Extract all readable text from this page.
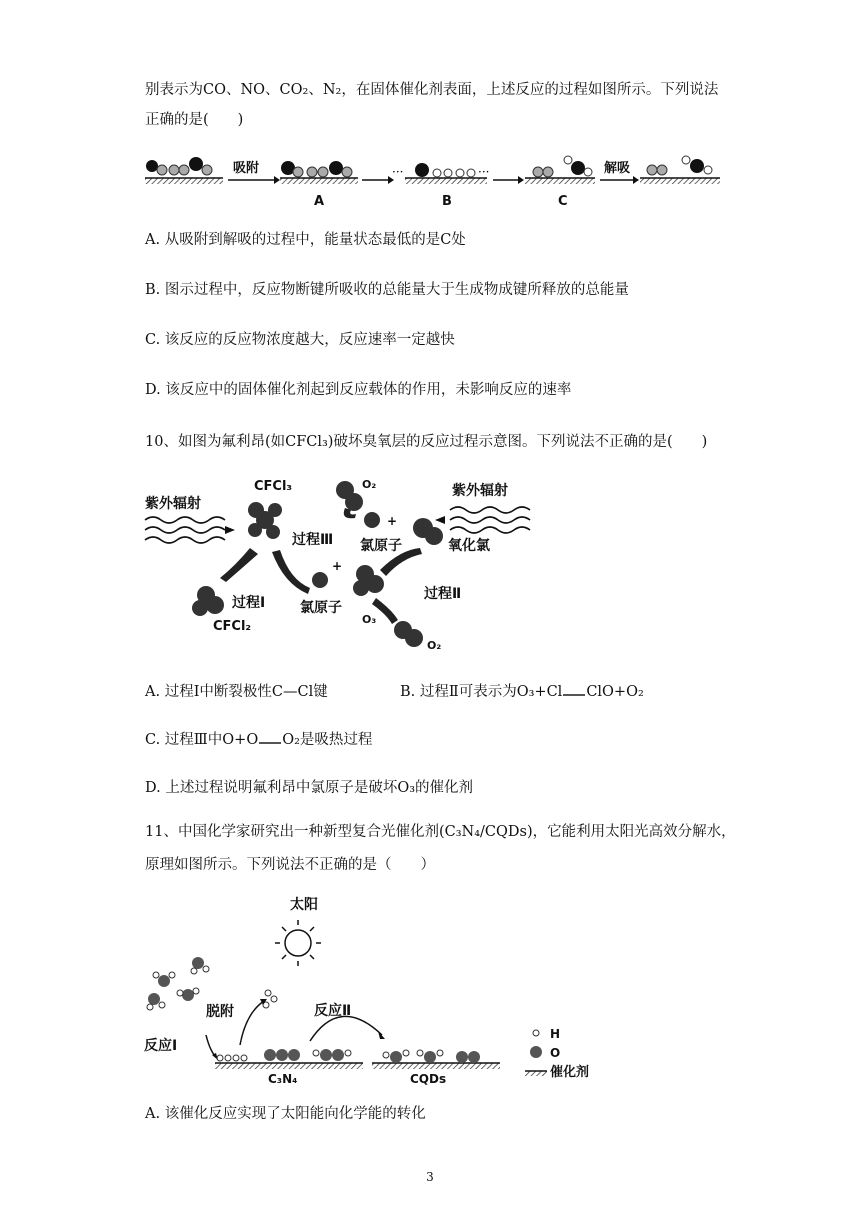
别表示为CO、NO、CO₂、N₂，在固体催化剂表面，上述反应的过程如图所示。下列说法
正确的是(　　)
···	···
吸附	解吸
A	B	C
A. 从吸附到解吸的过程中，能量状态最低的是C处
B. 图示过程中，反应物断键所吸收的总能量大于生成物成键所释放的总能量
C. 该反应的反应物浓度越大，反应速率一定越快
D. 该反应中的固体催化剂起到反应载体的作用，未影响反应的速率
10、如图为氟利昂(如CFCl₃)破坏臭氧层的反应过程示意图。下列说法不正确的是(　　)
紫外辐射
紫外辐射
CFCl₃	O₂
+
过程Ⅲ 氯原子	氧化氯
+
过程Ⅱ
过程Ⅰ 氯原子
O₃
CFCl₂
O₂
A. 过程Ⅰ中断裂极性C—Cl键	B. 过程Ⅱ可表示为O₃+Cl ClO+O₂
C. 过程Ⅲ中O+O O₂是吸热过程
D. 上述过程说明氟利昂中氯原子是破坏O₃的催化剂
11、中国化学家研究出一种新型复合光催化剂(C₃N₄/CQDs)，它能利用太阳光高效分解水，
原理如图所示。下列说法不正确的是（　　）
太阳
脱附	反应Ⅱ
反应Ⅰ
C₃N₄	CQDs
H
O
催化剂
A. 该催化反应实现了太阳能向化学能的转化
3
